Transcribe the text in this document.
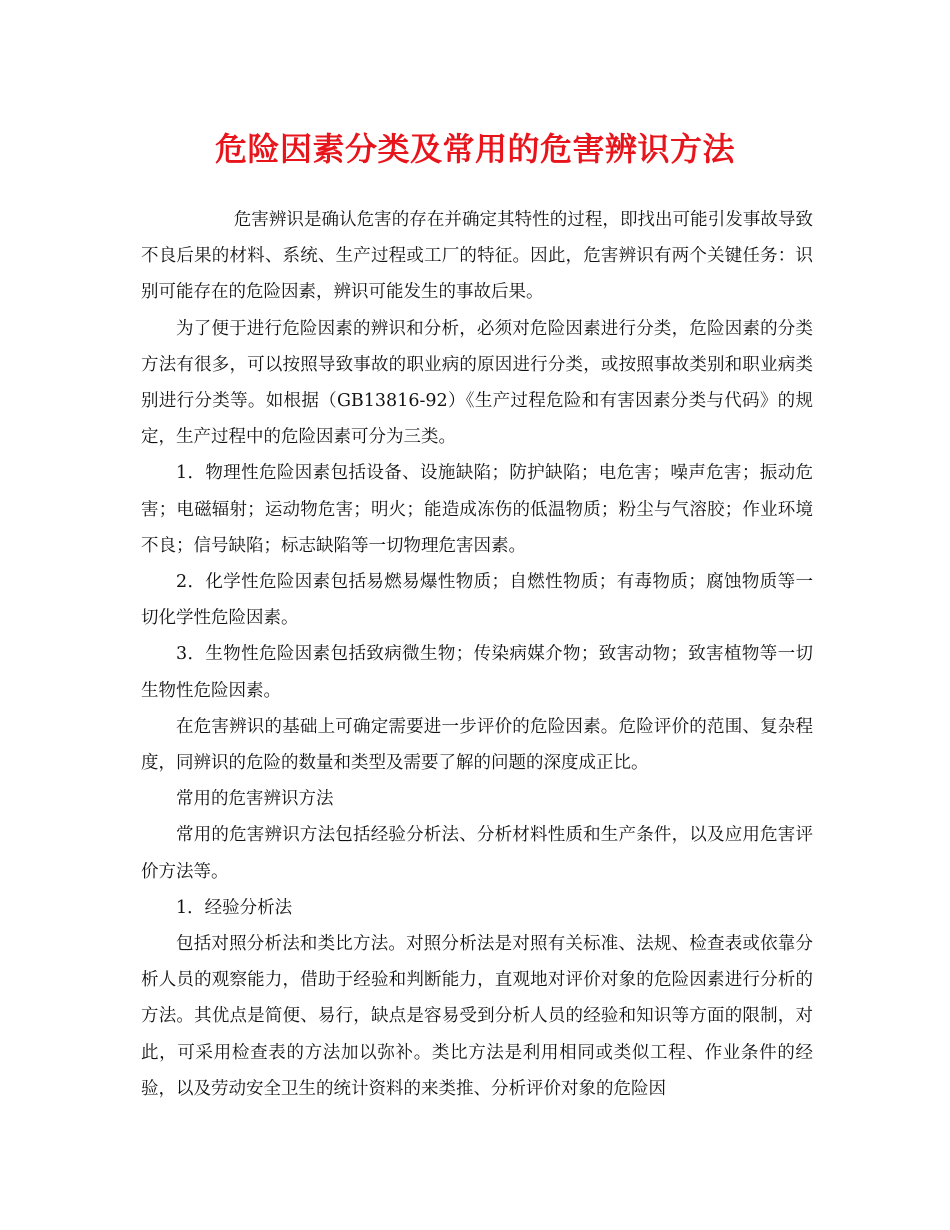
危险因素分类及常用的危害辨识方法

危害辨识是确认危害的存在并确定其特性的过程，即找出可能引发事故导致不良后果的材料、系统、生产过程或工厂的特征。因此，危害辨识有两个关键任务：识别可能存在的危险因素，辨识可能发生的事故后果。

为了便于进行危险因素的辨识和分析，必须对危险因素进行分类，危险因素的分类方法有很多，可以按照导致事故的职业病的原因进行分类，或按照事故类别和职业病类别进行分类等。如根据（GB13816-92）《生产过程危险和有害因素分类与代码》的规定，生产过程中的危险因素可分为三类。

1．物理性危险因素包括设备、设施缺陷；防护缺陷；电危害；噪声危害；振动危害；电磁辐射；运动物危害；明火；能造成冻伤的低温物质；粉尘与气溶胶；作业环境不良；信号缺陷；标志缺陷等一切物理危害因素。

2．化学性危险因素包括易燃易爆性物质；自燃性物质；有毒物质；腐蚀物质等一切化学性危险因素。

3．生物性危险因素包括致病微生物；传染病媒介物；致害动物；致害植物等一切生物性危险因素。

在危害辨识的基础上可确定需要进一步评价的危险因素。危险评价的范围、复杂程度，同辨识的危险的数量和类型及需要了解的问题的深度成正比。

常用的危害辨识方法

常用的危害辨识方法包括经验分析法、分析材料性质和生产条件，以及应用危害评价方法等。

1．经验分析法

包括对照分析法和类比方法。对照分析法是对照有关标准、法规、检查表或依靠分析人员的观察能力，借助于经验和判断能力，直观地对评价对象的危险因素进行分析的方法。其优点是简便、易行，缺点是容易受到分析人员的经验和知识等方面的限制，对此，可采用检查表的方法加以弥补。类比方法是利用相同或类似工程、作业条件的经验，以及劳动安全卫生的统计资料的来类推、分析评价对象的危险因
